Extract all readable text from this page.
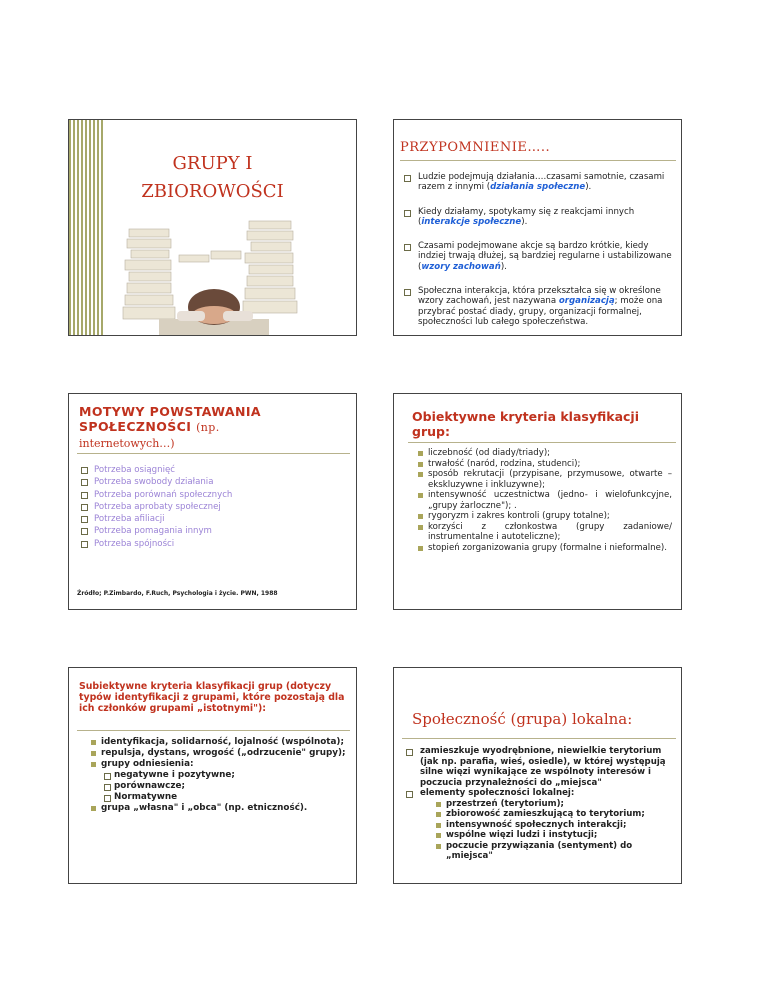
GRUPY I
ZBIOROWOŚCI
PRZYPOMNIENIE…..
Ludzie podejmują działania….czasami samotnie, czasami razem z innymi (działania społeczne).
Kiedy działamy, spotykamy się z reakcjami innych (interakcje społeczne).
Czasami podejmowane akcje są bardzo krótkie, kiedy indziej trwają dłużej, są bardziej regularne i ustabilizowane (wzory zachowań).
Społeczna interakcja, która przekształca się w określone wzory zachowań, jest nazywana organizacją; może ona przybrać postać diady, grupy, organizacji formalnej, społeczności lub całego społeczeństwa.
MOTYWY POWSTAWANIA
SPOŁECZNOŚCI (np.
internetowych…)
Potrzeba osiągnięć
Potrzeba swobody działania
Potrzeba porównań społecznych
Potrzeba aprobaty społecznej
Potrzeba afiliacji
Potrzeba pomagania innym
Potrzeba spójności
Źródło; P.Zimbardo, F.Ruch, Psychologia i życie. PWN, 1988
Obiektywne kryteria klasyfikacji
grup:
liczebność (od diady/triady);
trwałość (naród, rodzina, studenci);
sposób rekrutacji (przypisane, przymusowe, otwarte – ekskluzywne i inkluzywne);
intensywność uczestnictwa (jedno- i wielofunkcyjne, „grupy żarloczne"); .
rygoryzm i zakres kontroli (grupy totalne);
korzyści z członkostwa (grupy zadaniowe/ instrumentalne i autoteliczne);
stopień zorganizowania grupy (formalne i nieformalne).
Subiektywne kryteria klasyfikacji grup (dotyczy typów identyfikacji z grupami, które pozostają dla ich członków grupami „istotnymi"):
identyfikacja, solidarność, lojalność (wspólnota);
repulsja, dystans, wrogość („odrzucenie" grupy);
grupy odniesienia:
negatywne i pozytywne;
porównawcze;
Normatywne
grupa „własna" i „obca" (np. etniczność).
Społeczność (grupa) lokalna:
zamieszkuje wyodrębnione, niewielkie terytorium (jak np. parafia, wieś, osiedle), w której występują silne więzi wynikające ze wspólnoty interesów i poczucia przynależności do „miejsca"
elementy społeczności lokalnej:
przestrzeń (terytorium);
zbiorowość zamieszkującą to terytorium;
intensywność społecznych interakcji;
wspólne więzi ludzi i instytucji;
poczucie przywiązania (sentyment) do „miejsca"
